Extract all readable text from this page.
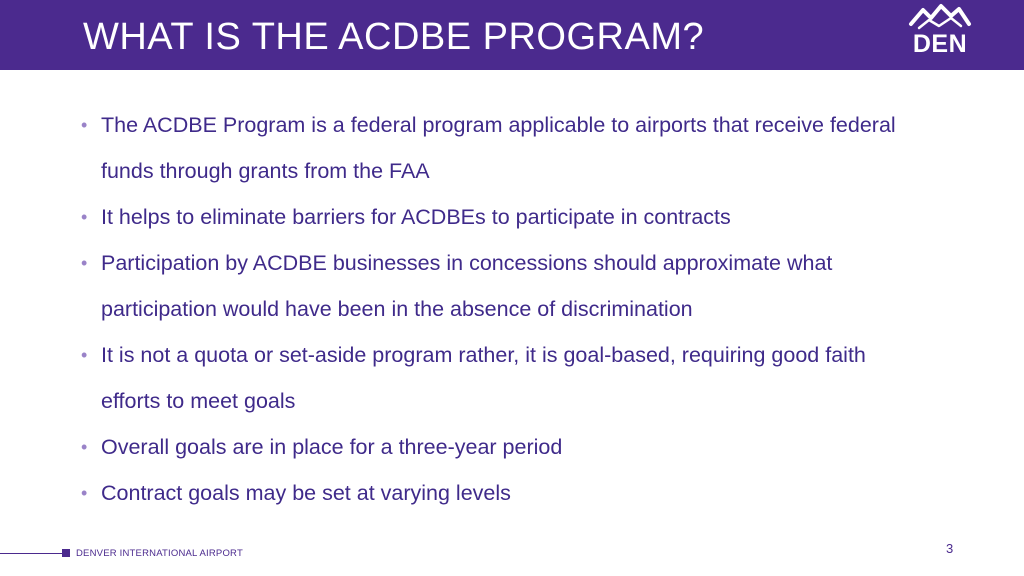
WHAT IS THE ACDBE PROGRAM?	DEN
• The ACDBE Program is a federal program applicable to airports that receive federal funds through grants from the FAA
• It helps to eliminate barriers for ACDBEs to participate in contracts
• Participation by ACDBE businesses in concessions should approximate what participation would have been in the absence of discrimination
• It is not a quota or set-aside program rather, it is goal-based, requiring good faith efforts to meet goals
• Overall goals are in place for a three-year period
• Contract goals may be set at varying levels
DENVER INTERNATIONAL AIRPORT	3
